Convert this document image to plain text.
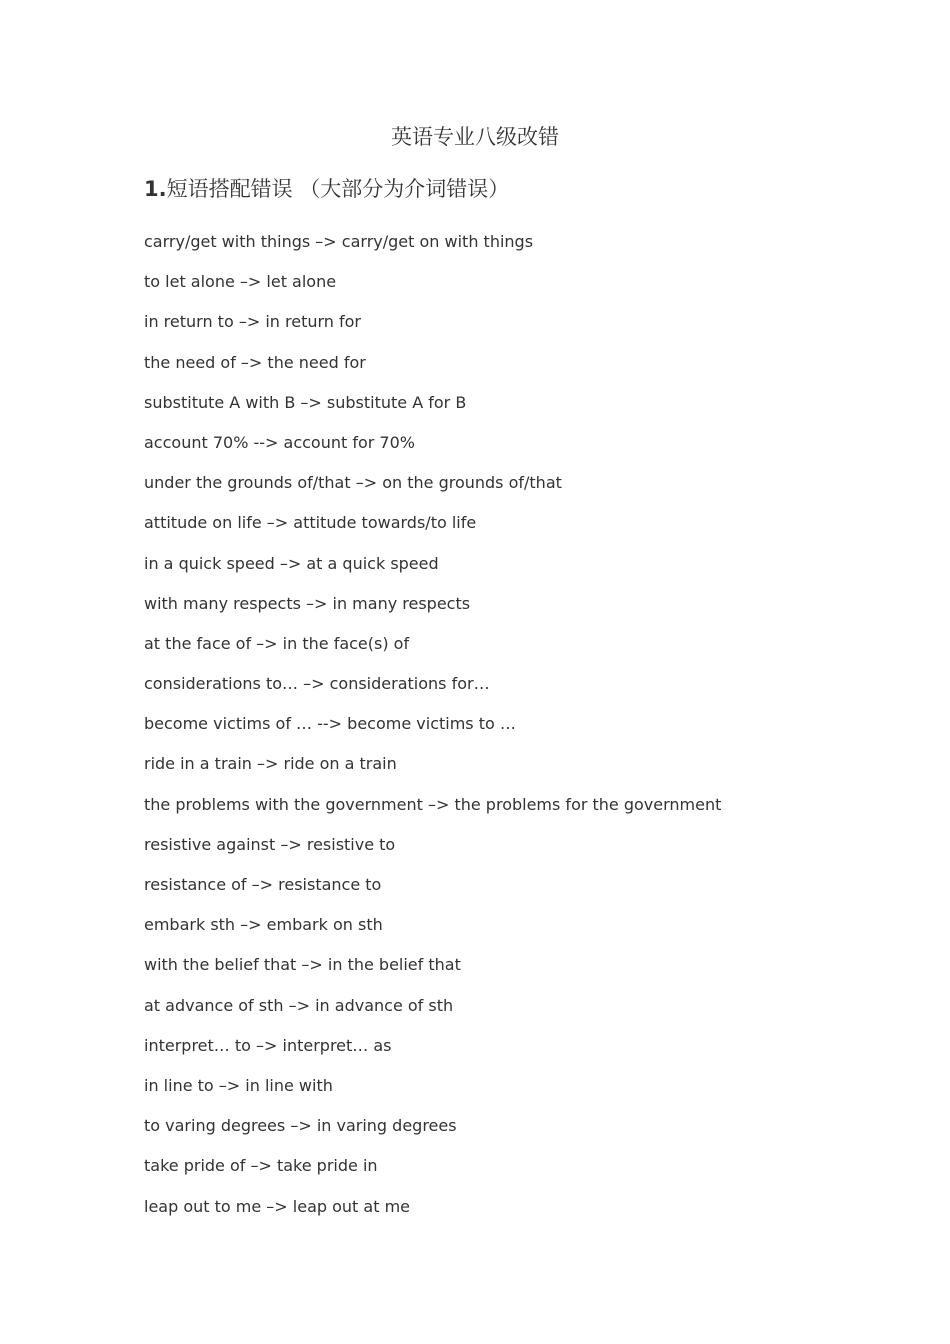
英语专业八级改错
1.短语搭配错误 （大部分为介词错误）
carry/get with things –> carry/get on with things
to let alone –> let alone
in return to –> in return for
the need of –> the need for
substitute A with B –> substitute A for B
account 70% --> account for 70%
under the grounds of/that –> on the grounds of/that
attitude on life –> attitude towards/to life
in a quick speed –> at a quick speed
with many respects –> in many respects
at the face of –> in the face(s) of
considerations to… –> considerations for…
become victims of … --> become victims to …
ride in a train –> ride on a train
the problems with the government –> the problems for the government
resistive against –> resistive to
resistance of –> resistance to
embark sth –> embark on sth
with the belief that –> in the belief that
at advance of sth –> in advance of sth
interpret… to –> interpret… as
in line to –> in line with
to varing degrees –> in varing degrees
take pride of –> take pride in
leap out to me –> leap out at me
